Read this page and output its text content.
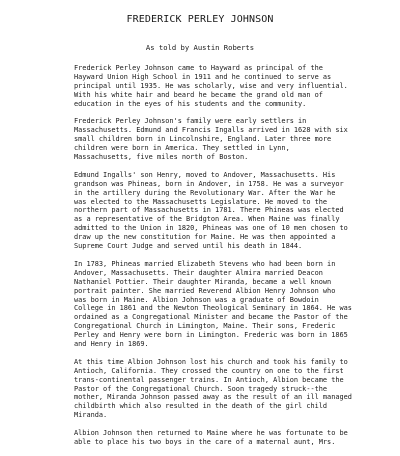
FREDERICK PERLEY JOHNSON
As told by Austin Roberts
Frederick Perley Johnson came to Hayward as principal of the
Hayward Union High School in 1911 and he continued to serve as
principal until 1935. He was scholarly, wise and very influential.
With his white hair and beard he became the grand old man of
education in the eyes of his students and the community.
Frederick Perley Johnson's family were early settlers in
Massachusetts. Edmund and Francis Ingalls arrived in 1628 with six
small children born in Lincolnshire, England. Later three more
children were born in America. They settled in Lynn,
Massachusetts, five miles north of Boston.
Edmund Ingalls' son Henry, moved to Andover, Massachusetts. His
grandson was Phineas, born in Andover, in 1758. He was a surveyor
in the artillery during the Revolutionary War. After the War he
was elected to the Massachusetts Legislature. He moved to the
northern part of Massachusetts in 1781. There Phineas was elected
as a representative of the Bridgton Area. When Maine was finally
admitted to the Union in 1820, Phineas was one of 10 men chosen to
draw up the new constitution for Maine. He was then appointed a
Supreme Court Judge and served until his death in 1844.
In 1783, Phineas married Elizabeth Stevens who had been born in
Andover, Massachusetts. Their daughter Almira married Deacon
Nathaniel Pottier. Their daughter Miranda, became a well known
portrait painter. She married Reverend Albion Henry Johnson who
was born in Maine. Albion Johnson was a graduate of Bowdoin
College in 1861 and the Newton Theological Seminary in 1864. He was
ordained as a Congregational Minister and became the Pastor of the
Congregational Church in Limington, Maine. Their sons, Frederic
Perley and Henry were born in Limington. Frederic was born in 1865
and Henry in 1869.
At this time Albion Johnson lost his church and took his family to
Antioch, California. They crossed the country on one to the first
trans-continental passenger trains. In Antioch, Albion became the
Pastor of the Congregational Church. Soon tragedy struck--the
mother, Miranda Johnson passed away as the result of an ill managed
childbirth which also resulted in the death of the girl child
Miranda.
Albion Johnson then returned to Maine where he was fortunate to be
able to place his two boys in the care of a maternal aunt, Mrs.
